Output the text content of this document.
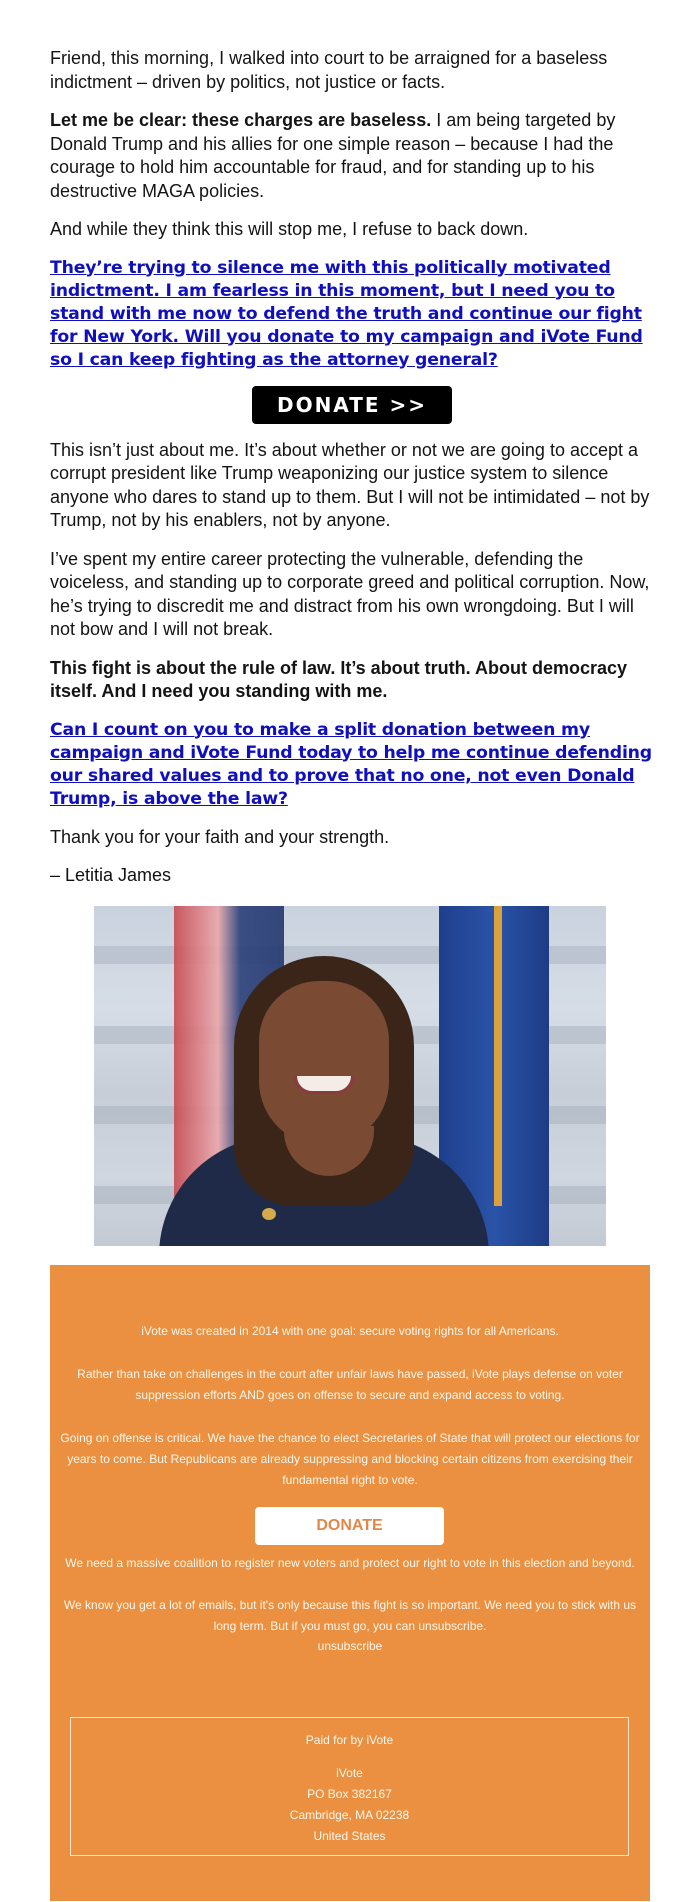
Friend, this morning, I walked into court to be arraigned for a baseless indictment – driven by politics, not justice or facts.

Let me be clear: these charges are baseless. I am being targeted by Donald Trump and his allies for one simple reason – because I had the courage to hold him accountable for fraud, and for standing up to his destructive MAGA policies.

And while they think this will stop me, I refuse to back down.

They’re trying to silence me with this politically motivated indictment. I am fearless in this moment, but I need you to stand with me now to defend the truth and continue our fight for New York. Will you donate to my campaign and iVote Fund so I can keep fighting as the attorney general?
DONATE >>

This isn’t just about me. It’s about whether or not we are going to accept a corrupt president like Trump weaponizing our justice system to silence anyone who dares to stand up to them. But I will not be intimidated – not by Trump, not by his enablers, not by anyone.

I’ve spent my entire career protecting the vulnerable, defending the voiceless, and standing up to corporate greed and political corruption. Now, he’s trying to discredit me and distract from his own wrongdoing. But I will not bow and I will not break.

This fight is about the rule of law. It’s about truth. About democracy itself. And I need you standing with me.

Can I count on you to make a split donation between my campaign and iVote Fund today to help me continue defending our shared values and to prove that no one, not even Donald Trump, is above the law?

Thank you for your faith and your strength.

– Letitia James

iVote was created in 2014 with one goal: secure voting rights for all Americans.
Rather than take on challenges in the court after unfair laws have passed, iVote plays defense on voter suppression efforts AND goes on offense to secure and expand access to voting.
Going on offense is critical. We have the chance to elect Secretaries of State that will protect our elections for years to come. But Republicans are already suppressing and blocking certain citizens from exercising their fundamental right to vote.
DONATE
We need a massive coalition to register new voters and protect our right to vote in this election and beyond.
We know you get a lot of emails, but it's only because this fight is so important. We need you to stick with us long term. But if you must go, you can unsubscribe.
unsubscribe
Paid for by iVote
iVote
PO Box 382167
Cambridge, MA 02238
United States
